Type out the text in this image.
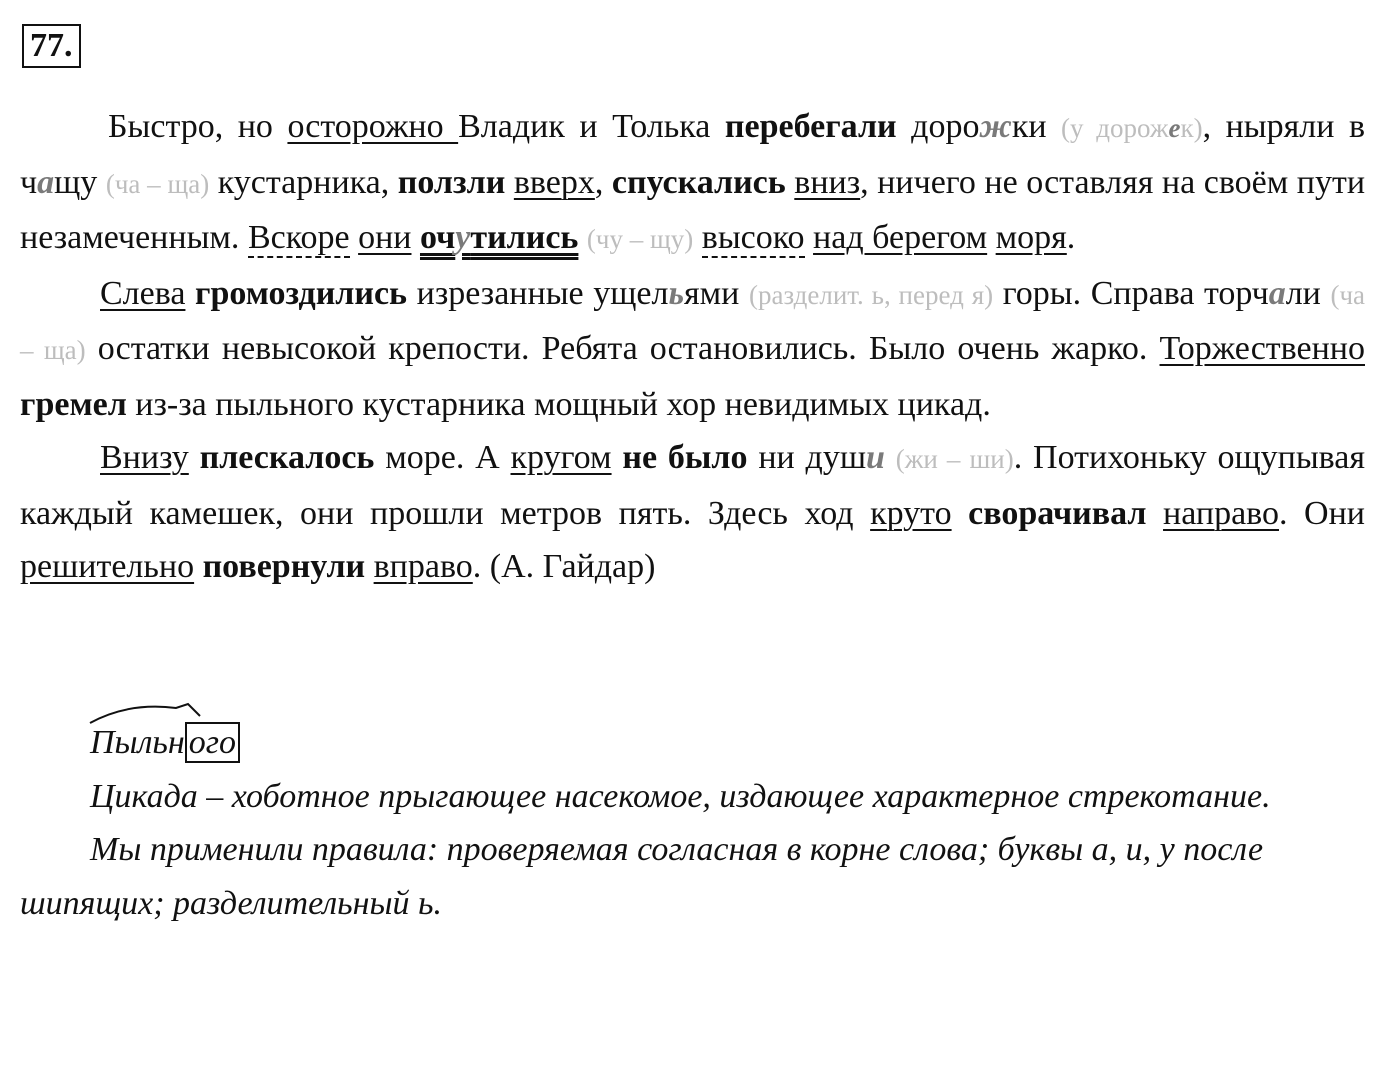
77.

Быстро, но осторожно Владик и Толька перебегали дорожки (у дорожек), ныряли в чащу (ча – ща) кустарника, ползли вверх, спускались вниз, ничего не оставляя на своём пути незамеченным. Вскоре они очутились (чу – щу) высоко над берегом моря.

Слева громоздились изрезанные ущельями (разделит. ь, перед я) горы. Справа торчали (ча – ща) остатки невысокой крепости. Ребята остановились. Было очень жарко. Торжественно гремел из-за пыльного кустарника мощный хор невидимых цикад.

Внизу плескалось море. А кругом не было ни души (жи – ши). Потихоньку ощупывая каждый камешек, они прошли метров пять. Здесь ход круто сворачивал направо. Они решительно повернули вправо. (А. Гайдар)

Пыльн ого

Цикада – хоботное прыгающее насекомое, издающее характерное стрекотание.

Мы применили правила: проверяемая согласная в корне слова; буквы а, и, у после шипящих; разделительный ь.
